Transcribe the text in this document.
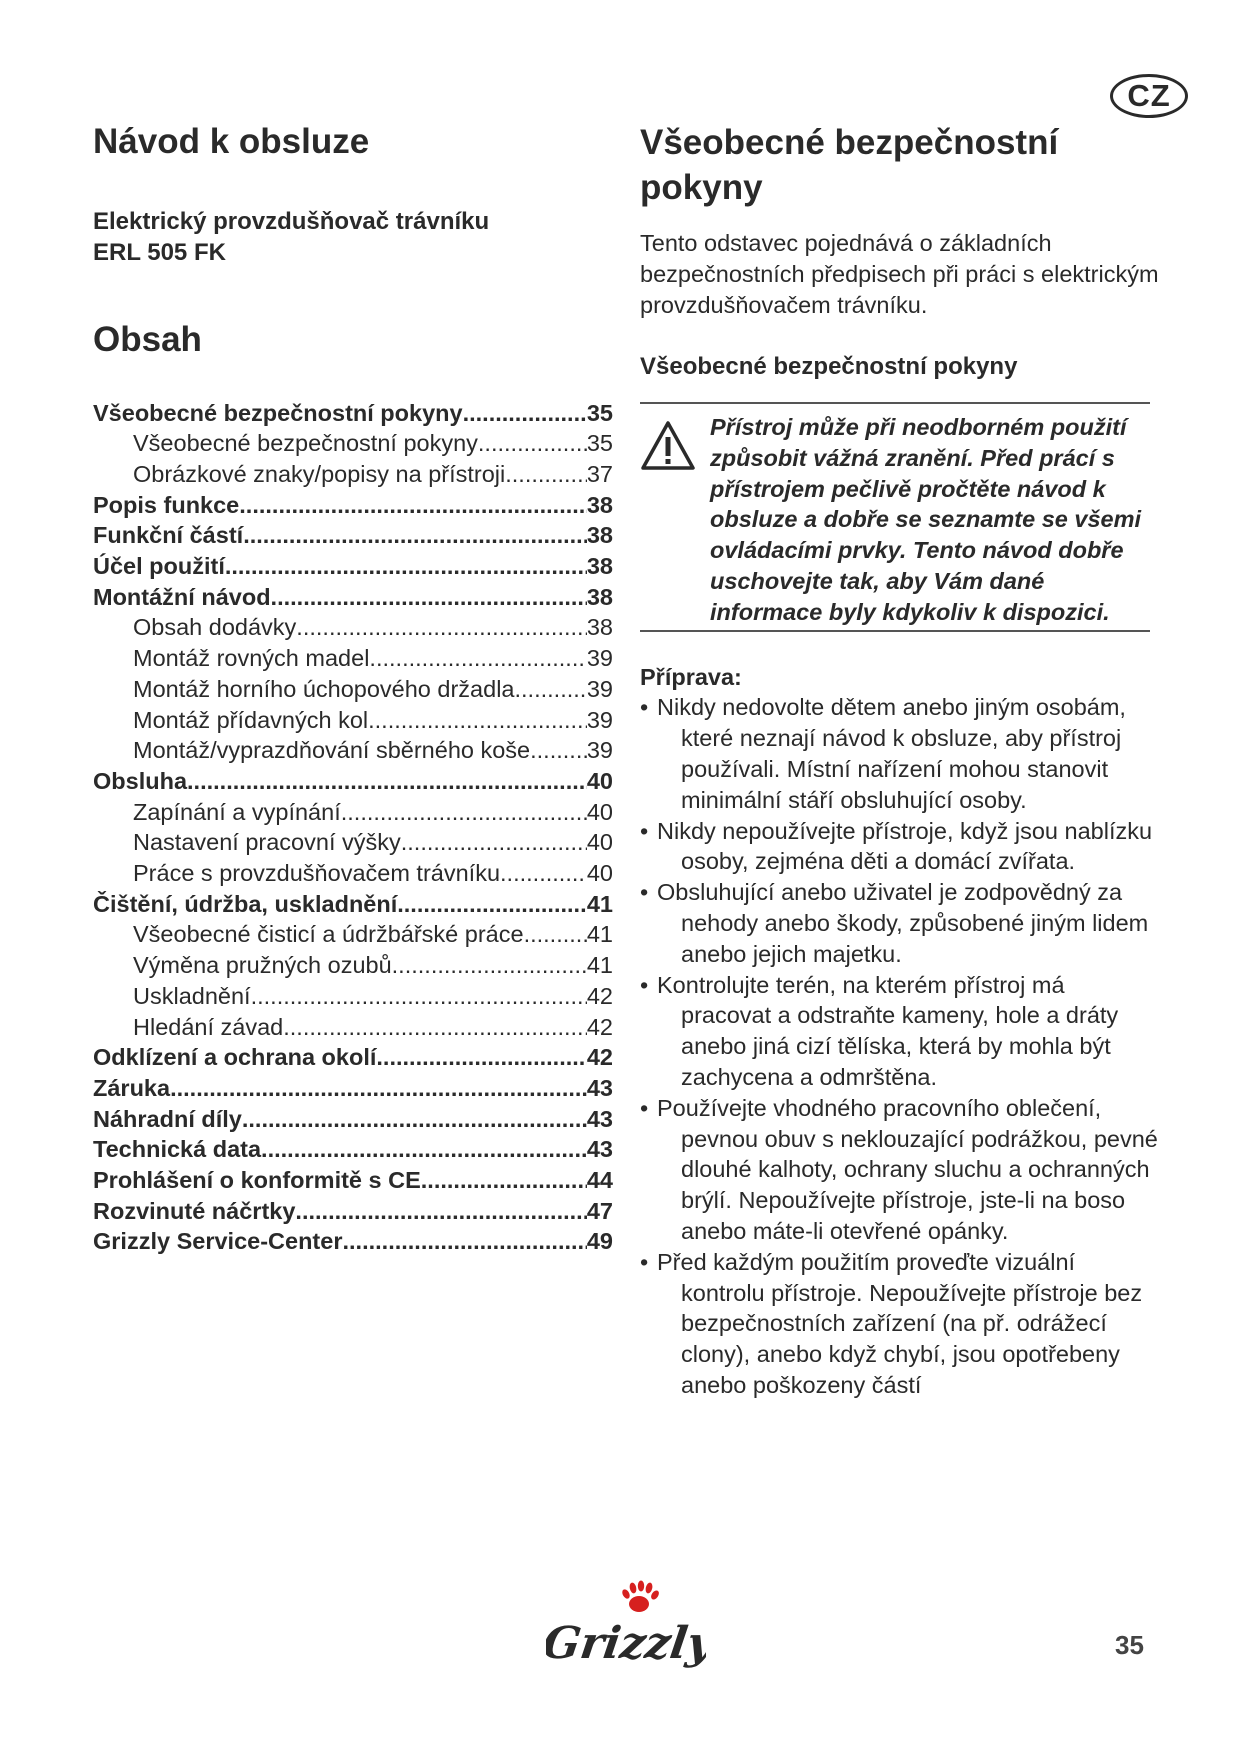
CZ
Návod k obsluze
Elektrický provzdušňovač trávníku
ERL 505 FK
Obsah
Všeobecné bezpečnostní pokyny .....	35
Všeobecné bezpečnostní pokyny .....	35
Obrázkové znaky/popisy na přístroji .....	37
Popis funkce .....	38
Funkční částí .....	38
Účel použití .....	38
Montážní návod .....	38
Obsah dodávky .....	38
Montáž rovných madel .....	39
Montáž horního úchopového držadla .....	39
Montáž přídavných kol .....	39
Montáž/vyprazdňování sběrného koše ..... 39
Obsluha .....	40
Zapínání a vypínání .....	40
Nastavení pracovní výšky .....	40
Práce s provzdušňovačem trávníku .....	40
Čištění, údržba, uskladnění .....	41
Všeobecné čisticí a údržbářské práce .....	41
Výměna pružných ozubů .....	41
Uskladnění .....	42
Hledání závad .....	42
Odklízení a ochrana okolí .....	42
Záruka .....	43
Náhradní díly .....	43
Technická data .....	43
Prohlášení o konformitě s CE .....	44
Rozvinuté náčrtky .....	47
Grizzly Service-Center .....	49
Všeobecné bezpečnostní
pokyny
Tento odstavec pojednává o základních bezpečnostních předpisech při práci s elektrickým provzdušňovačem trávníku.
Všeobecné bezpečnostní pokyny
Přístroj může při neodborném použití způsobit vážná zranění. Před prácí s přístrojem pečlivě pročtěte návod k obsluze a dobře se seznamte se všemi ovládacími prvky. Tento návod dobře uschovejte tak, aby Vám dané informace byly kdykoliv k dispozici.
Příprava:
• Nikdy nedovolte dětem anebo jiným osobám, které neznají návod k obsluze, aby přístroj používali. Místní nařízení mohou stanovit minimální stáří obsluhující osoby.
• Nikdy nepoužívejte přístroje, když jsou nablízku osoby, zejména děti a domácí zvířata.
• Obsluhující anebo uživatel je zodpovědný za nehody anebo škody, způsobené jiným lidem anebo jejich majetku.
• Kontrolujte terén, na kterém přístroj má pracovat a odstraňte kameny, hole a dráty anebo jiná cizí tělíska, která by mohla být zachycena a odmrštěna.
• Používejte vhodného pracovního oblečení, pevnou obuv s neklouzající podrážkou, pevné dlouhé kalhoty, ochrany sluchu a ochranných brýlí. Nepoužívejte přístroje, jste-li na boso anebo máte-li otevřené opánky.
• Před každým použitím proveďte vizuální kontrolu přístroje. Nepoužívejte přístroje bez bezpečnostních zařízení (na př. odrážecí clony), anebo když chybí, jsou opotřebeny anebo poškozeny částí
Grizzly	35
